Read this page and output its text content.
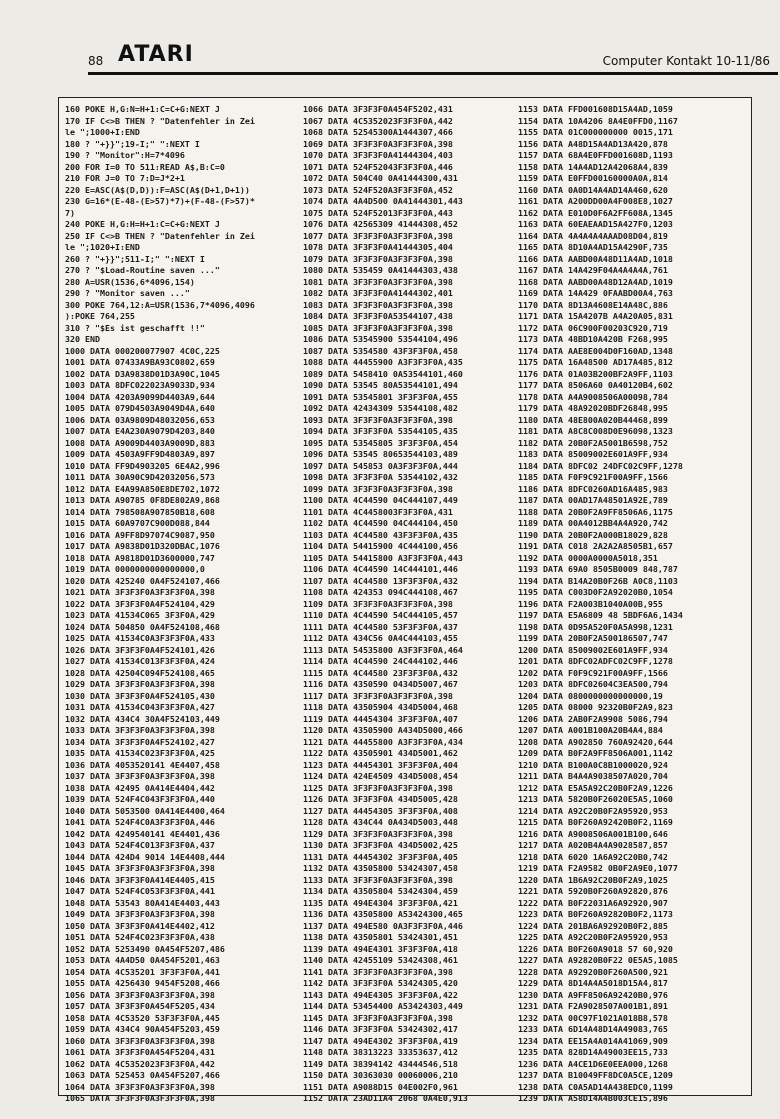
88 ATARI	Computer Kontakt 10-11/86
160 POKE H,G:N=H+1:C=C+G:NEXT J
170 IF C<>B THEN ? "Datenfehler in Zei
le ";1000+I:END
180 ? "+}}";19-I;" ":NEXT I
190 ? "Monitor":H=7*4096
200 FOR I=0 TO 511:READ A$,B:C=0
210 FOR J=0 TO 7:D=J*2+1
220 E=ASC(A$(D,D)):F=ASC(A$(D+1,D+1))
230 G=16*(E-48-(E>57)*7)+(F-48-(F>57)*
7)
240 POKE H,G:H=H+1:C=C+G:NEXT J
250 IF C<>B THEN ? "Datenfehler in Zei
le ";1020+I:END
260 ? "+}}";511-I;" ":NEXT I
270 ? "$Load-Routine saven ..."
280 A=USR(1536,6*4096,154)
290 ? "Monitor saven ..."
300 POKE 764,12:A=USR(1536,7*4096,4096
):POKE 764,255
310 ? "$Es ist geschafft !!"
320 END
1000 DATA 000200077907 4C0C,225
1001 DATA 07433A9BA93C0802,659
1002 DATA D3A9838D01D3A90C,1045
1003 DATA 8DFC022023A9033D,934
1004 DATA 4203A9099D4403A9,644
1005 DATA 079D4503A9049D4A,640
1006 DATA 03A9809D48032056,653
1007 DATA E4A230A9079D4203,840
1008 DATA A9009D4403A9009D,883
1009 DATA 4503A9FF9D4803A9,897
1010 DATA FF9D4903205 6E4A2,996
1011 DATA 30A90C9D42032056,573
1012 DATA E4A99A850E8DE702,1072
1013 DATA A90785 0F8DE802A9,868
1014 DATA 798508A907850B18,608
1015 DATA 60A9707C900D088,844
1016 DATA A9FF8D97074C9087,950
1017 DATA A9838D01D320DBAC,1076
1018 DATA A9818D01D3600000,747
1019 DATA 0000000000000000,0
1020 DATA 425240 0A4F524107,466
1021 DATA 3F3F3F0A3F3F3F0A,398
1022 DATA 3F3F3F0A4F524104,429
1023 DATA 41534C065 3F3F0A,429
1024 DATA 504850 0A4F524108,468
1025 DATA 41534C0A3F3F3F0A,433
1026 DATA 3F3F3F0A4F524101,426
1027 DATA 41534C013F3F3F0A,424
1028 DATA 42504C094F524108,465
1029 DATA 3F3F3F0A3F3F3F0A,398
1030 DATA 3F3F3F0A4F524105,430
1031 DATA 41534C043F3F3F0A,427
1032 DATA 434C4 30A4F524103,449
1033 DATA 3F3F3F0A3F3F3F0A,398
1034 DATA 3F3F3F0A4F524102,427
1035 DATA 41534C023F3F3F0A,425
1036 DATA 4053520141 4E4407,458
1037 DATA 3F3F3F0A3F3F3F0A,398
1038 DATA 42495 0A414E4404,442
1039 DATA 524F4C043F3F3F0A,440
1040 DATA 5053500 0A414E4400,464
1041 DATA 524F4C0A3F3F3F0A,446
1042 DATA 4249540141 4E4401,436
1043 DATA 524F4C013F3F3F0A,437
1044 DATA 424D4 9014 14E4408,444
1045 DATA 3F3F3F0A3F3F3F0A,398
1046 DATA 3F3F3F0A414E4405,415
1047 DATA 524F4C053F3F3F0A,441
1048 DATA 53543 80A414E4403,443
1049 DATA 3F3F3F0A3F3F3F0A,398
1050 DATA 3F3F3F0A414E4402,412
1051 DATA 524F4C023F3F3F0A,438
1052 DATA 5253490 0A454F5207,486
1053 DATA 4A4D50 0A454F5201,463
1054 DATA 4C535201 3F3F3F0A,441
1055 DATA 4256430 9454F5208,466
1056 DATA 3F3F3F0A3F3F3F0A,398
1057 DATA 3F3F3F0A454F5205,434
1058 DATA 4C53520 53F3F3F0A,445
1059 DATA 434C4 90A454F5203,459
1060 DATA 3F3F3F0A3F3F3F0A,398
1061 DATA 3F3F3F0A454F5204,431
1062 DATA 4C5352023F3F3F0A,442
1063 DATA 525453 0A454F5207,466
1064 DATA 3F3F3F0A3F3F3F0A,398
1065 DATA 3F3F3F0A3F3F3F0A,398
1066 DATA 3F3F3F0A454F5202,431
1067 DATA 4C5352023F3F3F0A,442
1068 DATA 52545300A1444307,466
1069 DATA 3F3F3F0A3F3F3F0A,398
1070 DATA 3F3F3F0A41444304,403
1071 DATA 524F52043F3F3F0A,446
1072 DATA 504C40 0A41444300,431
1073 DATA 524F520A3F3F3F0A,452
1074 DATA 4A4D500 0A41444301,443
1075 DATA 524F52013F3F3F0A,443
1076 DATA 42565309 41444308,452
1077 DATA 3F3F3F0A3F3F3F0A,398
1078 DATA 3F3F3F0A41444305,404
1079 DATA 3F3F3F0A3F3F3F0A,398
1080 DATA 535459 0A41444303,438
1081 DATA 3F3F3F0A3F3F3F0A,398
1082 DATA 3F3F3F0A41444302,401
1083 DATA 3F3F3F0A3F3F3F0A,398
1084 DATA 3F3F3F0A53544107,438
1085 DATA 3F3F3F0A3F3F3F0A,398
1086 DATA 53545900 53544104,496
1087 DATA 5354580 43F3F3F0A,458
1088 DATA 44455900 A3F3F3F0A,435
1089 DATA 5458410 0A53544101,460
1090 DATA 53545 80A53544101,494
1091 DATA 53545801 3F3F3F0A,455
1092 DATA 42434309 53544108,482
1093 DATA 3F3F3F0A3F3F3F0A,398
1094 DATA 3F3F3F0A 53544105,435
1095 DATA 53545805 3F3F3F0A,454
1096 DATA 53545 80653544103,489
1097 DATA 545853 0A3F3F3F0A,444
1098 DATA 3F3F3F0A 53544102,432
1099 DATA 3F3F3F0A3F3F3F0A,398
1100 DATA 4C44590 04C444107,449
1101 DATA 4C4458003F3F3F0A,431
1102 DATA 4C44590 04C444104,450
1103 DATA 4C44580 43F3F3F0A,435
1104 DATA 54415900 4C444100,456
1105 DATA 54415800 A3F3F3F0A,443
1106 DATA 4C44590 14C444101,446
1107 DATA 4C44580 13F3F3F0A,432
1108 DATA 424353 094C444108,467
1109 DATA 3F3F3F0A3F3F3F0A,398
1110 DATA 4C44590 54C444105,457
1111 DATA 4C44580 53F3F3F0A,437
1112 DATA 434C56 0A4C444103,455
1113 DATA 54535800 A3F3F3F0A,464
1114 DATA 4C44590 24C444102,446
1115 DATA 4C44580 23F3F3F0A,432
1116 DATA 4350590 0434D5007,467
1117 DATA 3F3F3F0A3F3F3F0A,398
1118 DATA 43505904 434D5004,468
1119 DATA 44454304 3F3F3F0A,407
1120 DATA 43505900 A434D5000,466
1121 DATA 44455800 A3F3F3F0A,434
1122 DATA 43505901 434D5001,462
1123 DATA 44454301 3F3F3F0A,404
1124 DATA 424E4509 434D5008,454
1125 DATA 3F3F3F0A3F3F3F0A,398
1126 DATA 3F3F3F0A 434D5005,428
1127 DATA 44454305 3F3F3F0A,408
1128 DATA 434C44 0A434D5003,448
1129 DATA 3F3F3F0A3F3F3F0A,398
1130 DATA 3F3F3F0A 434D5002,425
1131 DATA 44454302 3F3F3F0A,405
1132 DATA 43505800 53424307,458
1133 DATA 3F3F3F0A3F3F3F0A,398
1134 DATA 43505804 53424304,459
1135 DATA 494E4304 3F3F3F0A,421
1136 DATA 43505800 A53424300,465
1137 DATA 494E580 0A3F3F3F0A,446
1138 DATA 43505801 53424301,451
1139 DATA 494E4301 3F3F3F0A,418
1140 DATA 42455109 53424308,461
1141 DATA 3F3F3F0A3F3F3F0A,398
1142 DATA 3F3F3F0A 53424305,420
1143 DATA 494E4305 3F3F3F0A,422
1144 DATA 53454400 A53424303,449
1145 DATA 3F3F3F0A3F3F3F0A,398
1146 DATA 3F3F3F0A 53424302,417
1147 DATA 494E4302 3F3F3F0A,419
1148 DATA 38313223 33353637,412
1149 DATA 38394142 43444546,518
1150 DATA 30363030 00060006,210
1151 DATA A9088D15 04E002F0,961
1152 DATA 23AD11A4 2068 0A4E0,913
1153 DATA FFD001608D15A4AD,1059
1154 DATA 10A4206 8A4E0FFD0,1167
1155 DATA 01C000000000 0015,171
1156 DATA A48D15A4AD13A420,878
1157 DATA 68A4E0FFD001608D,1193
1158 DATA 14A4AD12A42068A4,839
1159 DATA E0FFD00160000A0A,814
1160 DATA 0A0D14A4AD14A460,620
1161 DATA A200DD00A4F008E8,1027
1162 DATA E010D0F6A2FF608A,1345
1163 DATA 60EAEAAD15A427F0,1203
1164 DATA 4A4A4A4AAAD08D04,819
1165 DATA 8D10A4AD15A4290F,735
1166 DATA AABD00A48D11A4AD,1018
1167 DATA 14A429F04A4A4A4A,761
1168 DATA AABD00A48D12A4AD,1019
1169 DATA 14A429 0FAABD00A4,763
1170 DATA 8D13A4608E14A48C,886
1171 DATA 15A4207B A4A20A05,831
1172 DATA 06C900F00203C920,719
1173 DATA 48BD10A420B F268,995
1174 DATA AAE8E004D0F160AD,1348
1175 DATA 16A48500 AD17A485,812
1176 DATA 01A03B200BF2A9FF,1103
1177 DATA 8506A60 0A40120B4,602
1178 DATA A4A9008506A00098,784
1179 DATA 48A92020BDF26848,995
1180 DATA 48E800A020B44468,899
1181 DATA A8C8C008D0E96098,1323
1182 DATA 20B0F2A5001B6598,752
1183 DATA 85009002E601A9FF,934
1184 DATA 8DFC02 24DFC02C9FF,1278
1185 DATA F0F9C921F00A9FF,1566
1186 DATA 8DFC0260AD16A485,983
1187 DATA 00AD17A48501A92E,789
1188 DATA 20B0F2A9FF8506A6,1175
1189 DATA 00A4012BB4A4A920,742
1190 DATA 20B0F2A000B18029,828
1191 DATA C018 2A2A2A8505B1,657
1192 DATA 0000A0000A5018,351
1193 DATA 69A0 8505B0009 848,787
1194 DATA B14A20B0F26B A0C8,1103
1195 DATA C003D0F2A92020B0,1054
1196 DATA F2A003B1040A00B,955
1197 DATA E5A6809 48 5BDF6A6,1434
1198 DATA 0D95A520F0A5A998,1231
1199 DATA 20B0F2A500186507,747
1200 DATA 85009002E601A9FF,934
1201 DATA 8DFC02ADFC02C9FF,1278
1202 DATA F0F9C921F00A9FF,1566
1203 DATA 8DFC02604C3EA500,794
1204 DATA 0800000000000000,19
1205 DATA 08000 92320B0F2A9,823
1206 DATA 2AB0F2A9908 5086,794
1207 DATA A001B100A20B4A4,884
1208 DATA A902850 760A92420,644
1209 DATA B0F2A9FF8506A001,1142
1210 DATA B100A0C8B1000020,924
1211 DATA B4A4A9038507A020,704
1212 DATA E5A5A92C20B0F2A9,1226
1213 DATA 5820B0F26020E5A5,1060
1214 DATA A92C20B0F2A95920,953
1215 DATA B0F260A92420B0F2,1169
1216 DATA A9008506A001B100,646
1217 DATA A020B4A4A9028587,857
1218 DATA 6020 1A6A92C20B0,742
1219 DATA F2A9582 0B0F2A9E0,1077
1220 DATA 1B6A92C20B0F2A9,1025
1221 DATA 5920B0F260A92820,876
1222 DATA B0F22031A6A92920,907
1223 DATA B0F260A92820B0F2,1173
1224 DATA 201BA6A92920B0F2,885
1225 DATA A92C20B0F2A95920,953
1226 DATA B0F260A9018 57 60,920
1227 DATA A92820B0F22 0E5A5,1085
1228 DATA A92920B0F260A500,921
1229 DATA 8D14A4A5018D15A4,817
1230 DATA A9FF8506A92420B0,976
1231 DATA F2A9028507A001B1,891
1232 DATA 00C97F1021A018B8,578
1233 DATA 6D14A48D14A49083,765
1234 DATA EE15A4A014A41069,909
1235 DATA 828D14A49003EE15,733
1236 DATA A4CE1D6E0EEA000,1268
1237 DATA B10049FF8DC0A5CE,1209
1238 DATA C0A5AD14A438EDC0,1199
1239 DATA A58D14A4B003CE15,896
